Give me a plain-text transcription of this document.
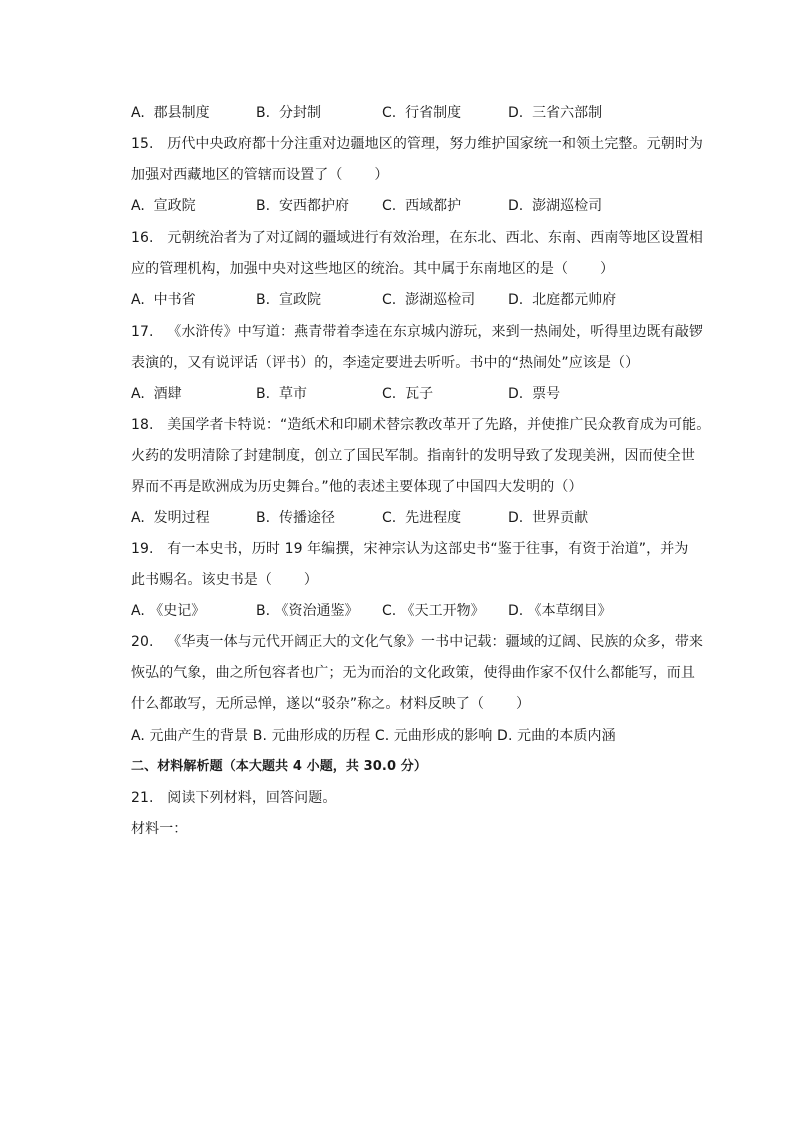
A.  郡县制度	B.  分封制	C.  行省制度	D.  三省六部制
15.   历代中央政府都十分注重对边疆地区的管理，努力维护国家统一和领土完整。元朝时为
加强对西藏地区的管辖而设置了（       ）
A.  宣政院	B.  安西都护府 C.  西域都护	D.  澎湖巡检司
16.   元朝统治者为了对辽阔的疆域进行有效治理，在东北、西北、东南、西南等地区设置相
应的管理机构，加强中央对这些地区的统治。其中属于东南地区的是（       ）
A.  中书省	B.  宣政院	C.  澎湖巡检司 D.  北庭都元帅府
17.   《水浒传》中写道：燕青带着李逵在东京城内游玩，来到一热闹处，听得里边既有敲锣
表演的，又有说评话（评书）的，李逵定要进去听听。书中的“热闹处”应该是（）
A.  酒肆	B.  草市	C.  瓦子	D.  票号
18.   美国学者卡特说：“造纸术和印刷术替宗教改革开了先路，并使推广民众教育成为可能。
火药的发明清除了封建制度，创立了国民军制。指南针的发明导致了发现美洲，因而使全世
界而不再是欧洲成为历史舞台。”他的表述主要体现了中国四大发明的（）
A.  发明过程	B.  传播途径	C.  先进程度	D.  世界贡献
19.   有一本史书，历时 19 年编撰，宋神宗认为这部史书“鉴于往事，有资于治道”，并为
此书赐名。该史书是（       ）
A. 《史记》	B. 《资治通鉴》 C. 《天工开物》 D. 《本草纲目》
20.   《华夷一体与元代开阔正大的文化气象》一书中记载：疆域的辽阔、民族的众多，带来
恢弘的气象，曲之所包容者也广；无为而治的文化政策，使得曲作家不仅什么都能写，而且
什么都敢写，无所忌惮，遂以“驳杂”称之。材料反映了（       ）
A. 元曲产生的背景 B. 元曲形成的历程 C. 元曲形成的影响 D. 元曲的本质内涵
二、材料解析题（本大题共 4 小题，共 30.0 分）
21.   阅读下列材料，回答问题。
材料一：
